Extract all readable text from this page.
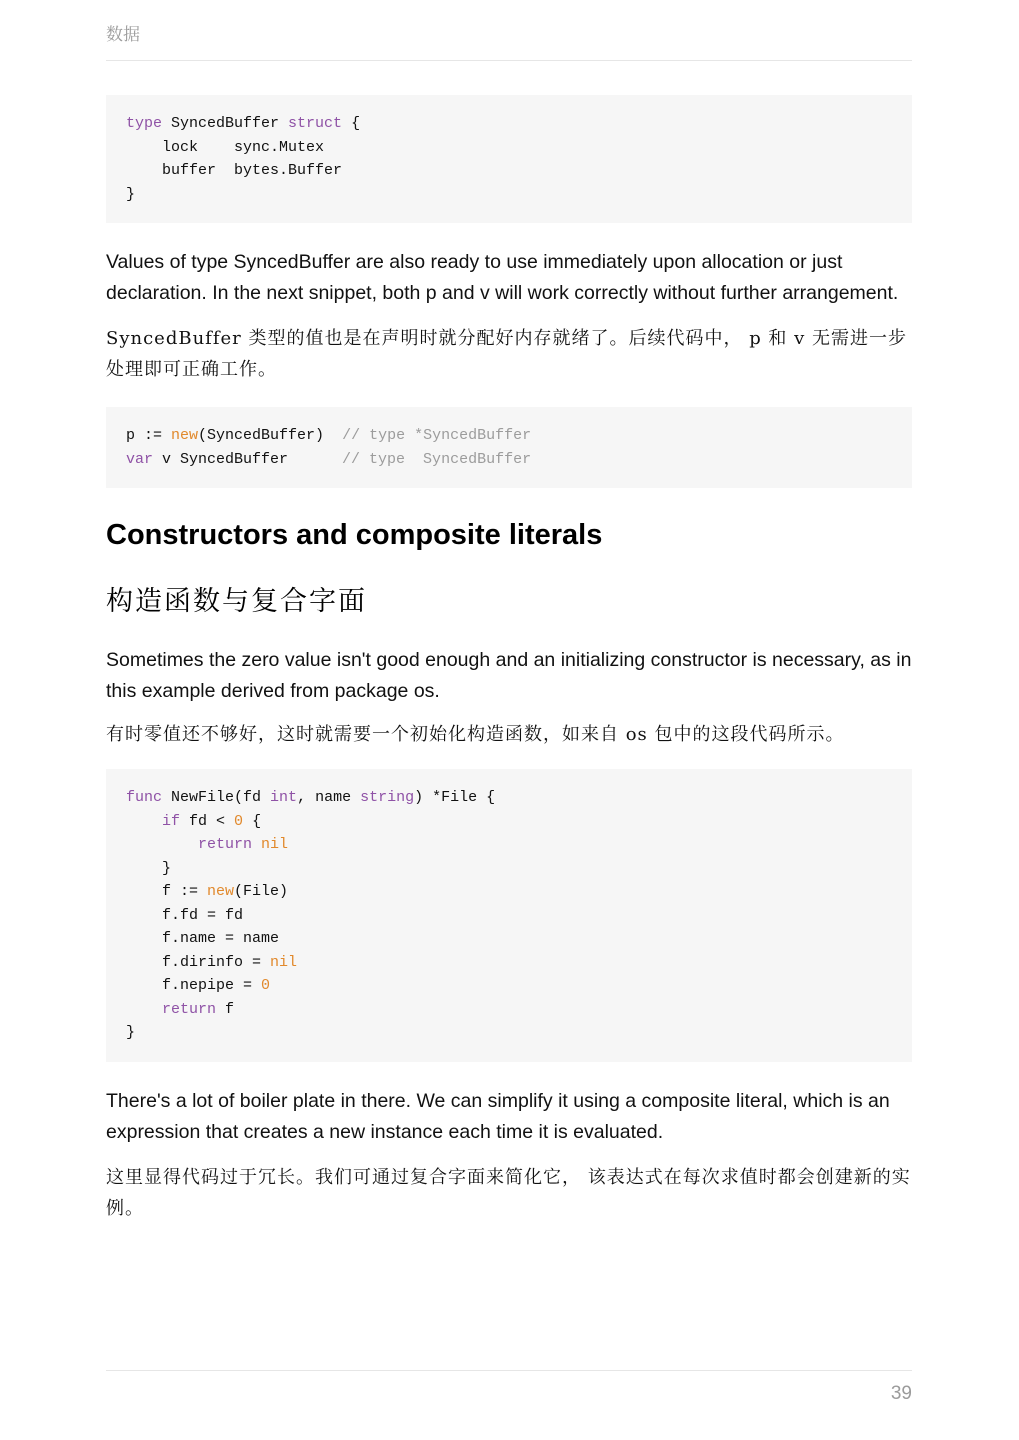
数据
type SyncedBuffer struct {
lock    sync.Mutex
buffer  bytes.Buffer
}

Values of type SyncedBuffer are also ready to use immediately upon allocation or just declaration. In the next snippet, both p and v will work correctly without further arrangement.

SyncedBuffer 类型的值也是在声明时就分配好内存就绪了。后续代码中， p 和 v 无需进一步处理即可正确工作。

p := new(SyncedBuffer)  // type *SyncedBuffer
var v SyncedBuffer      // type  SyncedBuffer
Constructors and composite literals
构造函数与复合字面

Sometimes the zero value isn't good enough and an initializing constructor is necessary, as in this example derived from package os.

有时零值还不够好，这时就需要一个初始化构造函数，如来自 os 包中的这段代码所示。

func NewFile(fd int, name string) *File {
if fd < 0 {
return nil
}
f := new(File)
f.fd = fd
f.name = name
f.dirinfo = nil
f.nepipe = 0
return f
}

There's a lot of boiler plate in there. We can simplify it using a composite literal, which is an expression that creates a new instance each time it is evaluated.

这里显得代码过于冗长。我们可通过复合字面来简化它， 该表达式在每次求值时都会创建新的实例。

39
